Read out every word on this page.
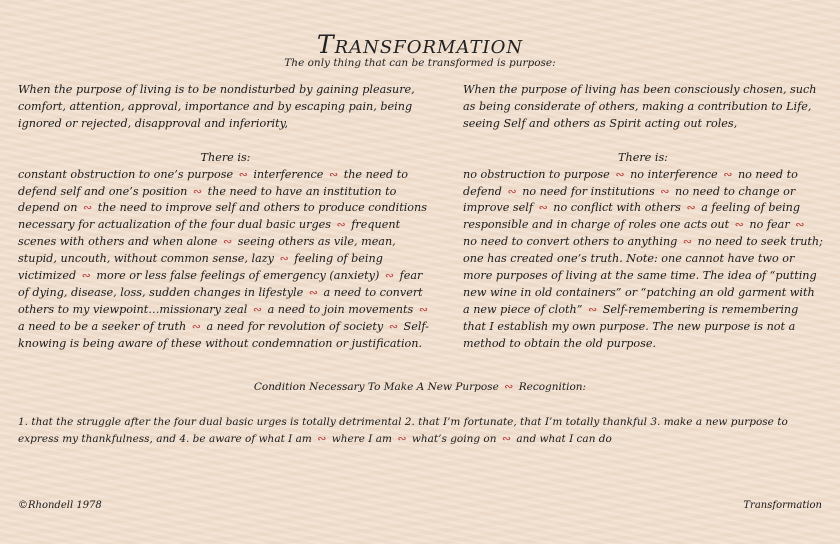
Transformation
The only thing that can be transformed is purpose:

When the purpose of living is to be nondisturbed by gaining pleasure, comfort, attention, approval, importance and by escaping pain, being ignored or rejected, disapproval and inferiority,

There is:

constant obstruction to one’s purpose ∾ interference ∾ the need to defend self and one’s position ∾ the need to have an institution to depend on ∾ the need to improve self and others to produce conditions necessary for actualization of the four dual basic urges ∾ frequent scenes with others and when alone ∾ seeing others as vile, mean, stupid, uncouth, without common sense, lazy ∾ feeling of being victimized ∾ more or less false feelings of emergency (anxiety) ∾ fear of dying, disease, loss, sudden changes in lifestyle ∾ a need to convert others to my viewpoint…missionary zeal ∾ a need to join movements ∾ a need to be a seeker of truth ∾ a need for revolution of society ∾ Self-knowing is being aware of these without condemnation or justification.

When the purpose of living has been consciously chosen, such as being considerate of others, making a contribution to Life, seeing Self and others as Spirit acting out roles,

There is:

no obstruction to purpose ∾ no interference ∾ no need to defend ∾ no need for institutions ∾ no need to change or improve self ∾ no conflict with others ∾ a feeling of being responsible and in charge of roles one acts out ∾ no fear ∾ no need to convert others to anything ∾ no need to seek truth; one has created one’s truth. Note: one cannot have two or more purposes of living at the same time. The idea of “putting new wine in old containers” or “patching an old garment with a new piece of cloth” ∾ Self-remembering is remembering that I establish my own purpose. The new purpose is not a method to obtain the old purpose.

Condition Necessary To Make A New Purpose ∾ Recognition:
1. that the struggle after the four dual basic urges is totally detrimental 2. that I’m fortunate, that I’m totally thankful 3. make a new purpose to express my thankfulness, and 4. be aware of what I am ∾ where I am ∾ what’s going on ∾ and what I can do
©Rhondell 1978	Transformation
